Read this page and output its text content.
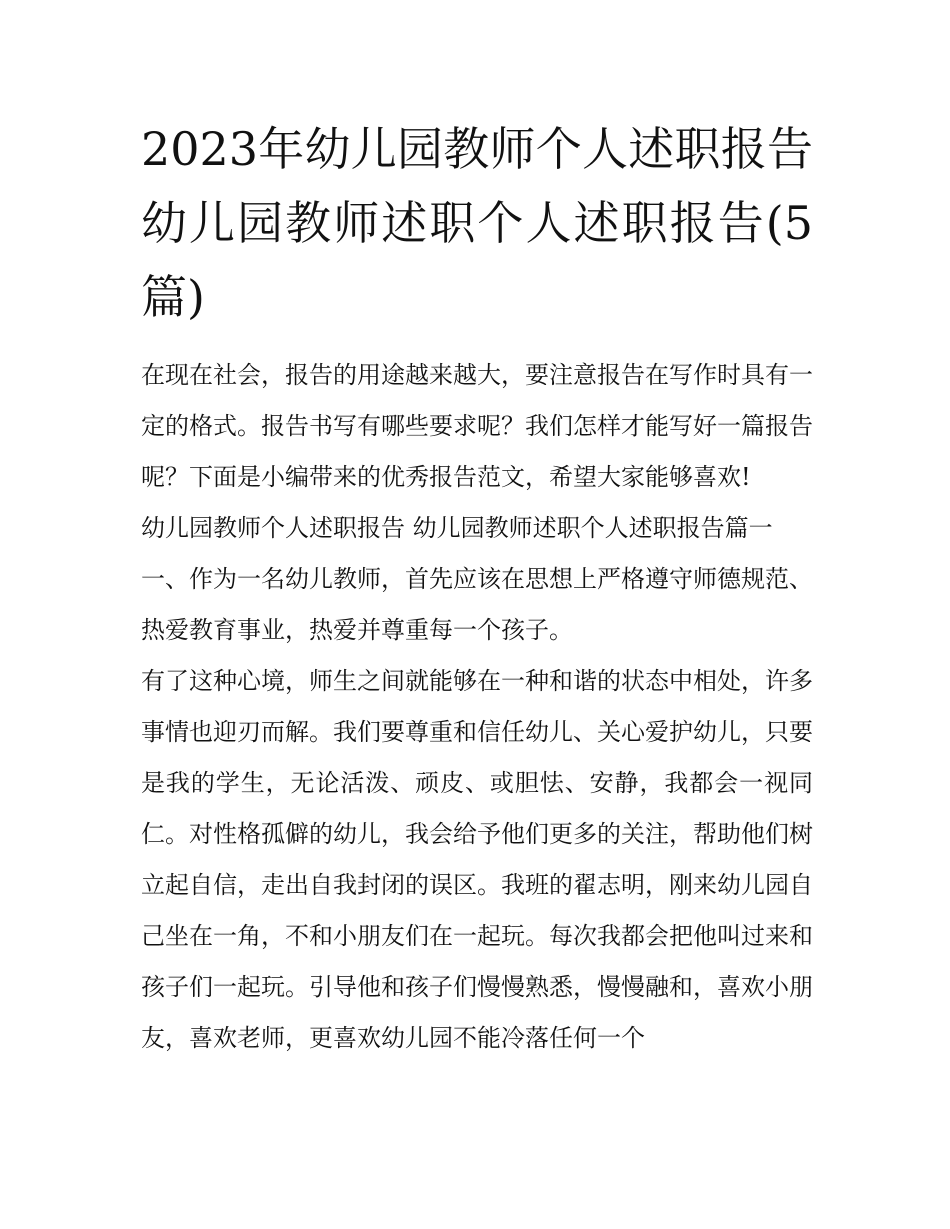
2023年幼儿园教师个人述职报告 幼儿园教师述职个人述职报告(5篇)

在现在社会，报告的用途越来越大，要注意报告在写作时具有一定的格式。报告书写有哪些要求呢？我们怎样才能写好一篇报告呢？下面是小编带来的优秀报告范文，希望大家能够喜欢!

幼儿园教师个人述职报告 幼儿园教师述职个人述职报告篇一

一、作为一名幼儿教师，首先应该在思想上严格遵守师德规范、热爱教育事业，热爱并尊重每一个孩子。

有了这种心境，师生之间就能够在一种和谐的状态中相处，许多事情也迎刃而解。我们要尊重和信任幼儿、关心爱护幼儿，只要是我的学生，无论活泼、顽皮、或胆怯、安静，我都会一视同仁。对性格孤僻的幼儿，我会给予他们更多的关注，帮助他们树立起自信，走出自我封闭的误区。我班的翟志明，刚来幼儿园自己坐在一角，不和小朋友们在一起玩。每次我都会把他叫过来和孩子们一起玩。引导他和孩子们慢慢熟悉，慢慢融和，喜欢小朋友，喜欢老师，更喜欢幼儿园不能冷落任何一个
